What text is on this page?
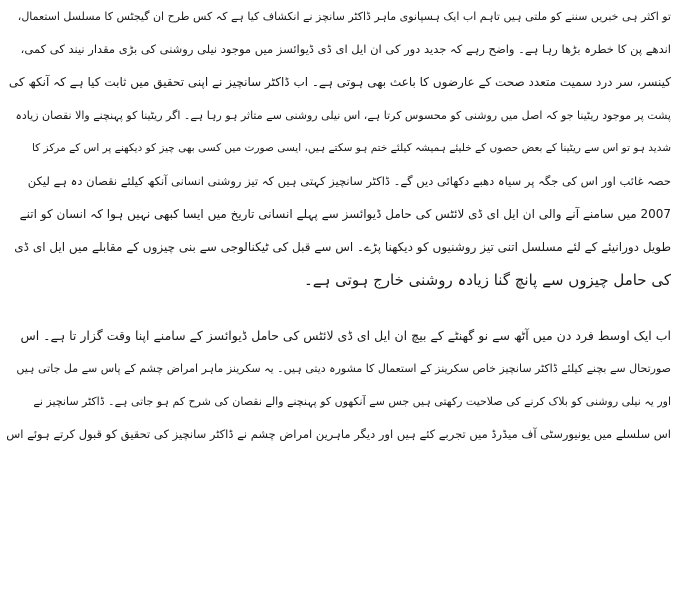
تو اکثر ہی خبریں سننے کو ملتی ہیں تاہم اب ایک ہسپانوی ماہر ڈاکٹر سانچز نے انکشاف کیا ہے کہ کس طرح ان گیجٹس کا مسلسل استعمال،
اندھے پن کا خطرہ بڑھا رہا ہے۔ واضح رہے کہ جدید دور کی ان ایل ای ڈی ڈیوائسز میں موجود نیلی روشنی کی بڑی مقدار نیند کی کمی،
کینسر، سر درد سمیت متعدد صحت کے عارضوں کا باعث بھی ہوتی ہے۔ اب ڈاکٹر سانچیز نے اپنی تحقیق میں ثابت کیا ہے کہ آنکھ کی
پشت پر موجود ریٹینا جو کہ اصل میں روشنی کو محسوس کرتا ہے، اس نیلی روشنی سے متاثر ہو رہا ہے۔ اگر ریٹینا کو پہنچنے والا نقصان زیادہ
شدید ہو تو اس سے ریٹینا کے بعض حصوں کے خلیئے ہمیشہ کیلئے ختم ہو سکتے ہیں، ایسی صورت میں کسی بھی چیز کو دیکھنے پر اس کے مرکز کا
حصہ غائب اور اس کی جگہ پر سیاہ دھبے دکھائی دیں گے۔ ڈاکٹر سانچیز کہتی ہیں کہ تیز روشنی انسانی آنکھ کیلئے نقصان دہ ہے لیکن
2007 میں سامنے آنے والی ان ایل ای ڈی لائٹس کی حامل ڈیوائسز سے پہلے انسانی تاریخ میں ایسا کبھی نہیں ہوا کہ انسان کو اتنے
طویل دورانیئے کے لئے مسلسل اتنی تیز روشنیوں کو دیکھنا پڑے۔ اس سے قبل کی ٹیکنالوجی سے بنی چیزوں کے مقابلے میں ایل ای ڈی
کی حامل چیزوں سے پانچ گنا زیادہ روشنی خارج ہوتی ہے۔
اب ایک اوسط فرد دن میں آٹھ سے نو گھنٹے کے بیچ ان ایل ای ڈی لائٹس کی حامل ڈیوائسز کے سامنے اپنا وقت گزار تا ہے۔ اس
صورتحال سے بچنے کیلئے ڈاکٹر سانچیز خاص سکرینز کے استعمال کا مشورہ دیتی ہیں۔ یہ سکرینز ماہر امراض چشم کے پاس سے مل جاتی ہیں
اور یہ نیلی روشنی کو بلاک کرنے کی صلاحیت رکھتی ہیں جس سے آنکھوں کو پہنچنے والے نقصان کی شرح کم ہو جاتی ہے۔ ڈاکٹر سانچیز نے
اس سلسلے میں یونیورسٹی آف میڈرڈ میں تجربے کئے ہیں اور دیگر ماہرین امراض چشم نے ڈاکٹر سانچیز کی تحقیق کو قبول کرتے ہوئے اس
